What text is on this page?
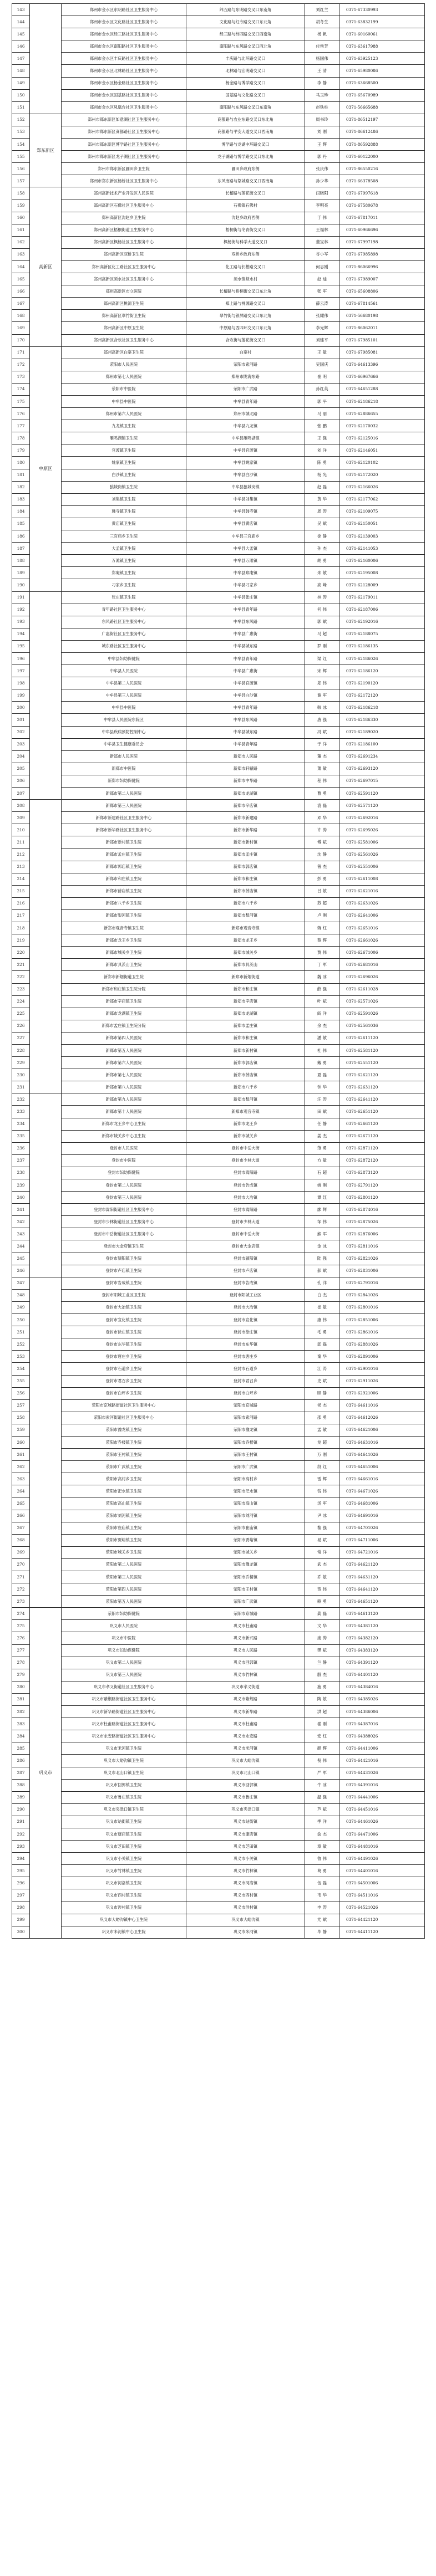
143		郑州市金水区东明路社区卫生服务中心	纬五路与东明路交叉口东南角	刘红兰	0371-67330993
144		郑州市金水区文化路社区卫生服务中心	文化路与红专路交叉口东北角	胡冬生	0371-63832199
145		郑州市金水区经三路社区卫生服务中心	经三路与纬四路交叉口西南角	杨 帆	0371-60160061
146		郑州市金水区南阳路社区卫生服务中心	南阳路与东风路交叉口西北角	付艳芳	0371-63617988
147		郑州市金水区丰庆路社区卫生服务中心	丰庆路与北环路交叉口	杨国伟	0371-63925123
148		郑州市金水区北林路社区卫生服务中心	北林路与宏明路交叉口	王 清	0371-65980086
149		郑州市金水区杨金路社区卫生服务中心	杨金路与博学路交叉口	李 静	0371-63668500
150		郑州市金水区国基路社区卫生服务中心	国基路与文化路交叉口	马玉珍	0371-65670989
151		郑州市金水区凤凰台社区卫生服务中心	南阳路与东风路交叉口东南角	赵铁柱	0371-56665688
152	郑东新区	郑州市郑东新区如意湖社区卫生服务中心	商都路与农业东路交叉口东北角	周书玲	0371-86512197
153		郑州市郑东新区商都路社区卫生服务中心	商都路与平安大道交叉口西南角	刘 刚	0371-86612486
154		郑州市郑东新区博学路社区卫生服务中心	博学路与龙湖中环路交叉口	王 辉	0371-86592888
155		郑州市郑东新区龙子湖社区卫生服务中心	龙子湖路与博学路交叉口东北角	郭 丹	0371-60122000
156		郑州市郑东新区圃田乡卫生院	圃田乡政府东侧	张庆伟	0371-86550216
157		郑州市郑东新区杨桥社区卫生服务中心	东风南路与祭城路交叉口西南角	孙少华	0371-66378508
158	高新区	郑州高新技术产业开发区人民医院	长椿路与莲花街交叉口	闫晓阳	0371-67997618
159		郑州高新区石佛社区卫生服务中心	石佛镇石佛村	李明亮	0371-67580678
160		郑州高新区沟赵乡卫生院	沟赵乡政府西侧	于 伟	0371-67817011
161		郑州高新区梧桐街道卫生服务中心	梧桐街与冬青街交叉口	王福林	0371-60966696
162		郑州高新区枫杨社区卫生服务中心	枫杨街与科学大道交叉口	董宝林	0371-67997198
163		郑州高新区双桥卫生院	双桥乡政府东侧	谷小军	0371-67985898
164		郑州高新区化工路社区卫生服务中心	化工路与长椿路交叉口	何志刚	0371-86066996
165		郑州高新区须水社区卫生服务中心	须水镇须水村	赵 迪	0371-67989007
166		郑州高新区市立医院	长椿路与梧桐街交叉口东北角	张 军	0371-65608806
167		郑州高新区桃源卫生院	郑上路与桃源路交叉口	薛云涛	0371-67814561
168		郑州高新区翠竹街卫生院	翠竹街与银屏路交叉口东北角	张耀伟	0371-56680198
169		郑州高新区中原卫生院	中原路与西四环交叉口东北角	李光辉	0371-86062011
170		郑州高新区合欢社区卫生服务中心	合欢街与莲花街交叉口	刘建平	0371-67985101
171	中原区	郑州高新区白寨卫生院	白寨村	王 敏	0371-67985081
172		荥阳市人民医院	荥阳市索河路	吴国庆	0371-64613396
173		郑州市第七人民医院	郑州市陇海东路	崔 明	0371-66967666
174		荥阳市中医院	荥阳市广武路	孙红英	0371-64651288
175		中牟县中医院	中牟县青年路	郭 平	0371-62186218
176		郑州市第六人民医院	郑州市城北路	马 丽	0371-62886655
177		九龙镇卫生院	中牟县九龙镇	张 鹏	0371-62170032
178		雁鸣湖镇卫生院	中牟县雁鸣湖镇	王 强	0371-62125016
179		官渡镇卫生院	中牟县官渡镇	刘 洋	0371-62146051
180		姚家镇卫生院	中牟县姚家镇	陈 勇	0371-62120102
181		白沙镇卫生院	中牟县白沙镇	杨 光	0371-62172020
182		狼城岗镇卫生院	中牟县狼城岗镇	赵 磊	0371-62166026
183		刘集镇卫生院	中牟县刘集镇	黄 华	0371-62177062
184		韩寺镇卫生院	中牟县韩寺镇	周 涛	0371-62109075
185		黄店镇卫生院	中牟县黄店镇	吴 斌	0371-62150051
186		三官庙乡卫生院	中牟县三官庙乡	徐 静	0371-62139003
187		大孟镇卫生院	中牟县大孟镇	孙 杰	0371-62141053
188		万滩镇卫生院	中牟县万滩镇	胡 勇	0371-62160006
189		郑庵镇卫生院	中牟县郑庵镇	朱 敏	0371-62195008
190		刁家乡卫生院	中牟县刁家乡	高 峰	0371-62128009
191		张庄镇卫生院	中牟县张庄镇	林 涛	0371-62179011
192		青年路社区卫生服务中心	中牟县青年路	何 伟	0371-62187006
193		东风路社区卫生服务中心	中牟县东风路	郭 斌	0371-62192016
194		广惠街社区卫生服务中心	中牟县广惠街	马 超	0371-62188075
195		城东路社区卫生服务中心	中牟县城东路	罗 刚	0371-62186135
196		中牟县妇幼保健院	中牟县青年路	梁 红	0371-62186026
197		中牟县人民医院	中牟县广惠街	宋 辉	0371-62186120
198		中牟县第二人民医院	中牟县官渡镇	郑 伟	0371-62190120
199		中牟县第三人民医院	中牟县白沙镇	谢 军	0371-62172120
200		中牟县中医院	中牟县青年路	韩 冰	0371-62186218
201		中牟县人民医院东院区	中牟县东风路	唐 强	0371-62186330
202		中牟县疾病预防控制中心	中牟县城东路	冯 斌	0371-62189020
203		中牟县卫生健康委员会	中牟县青年路	于 洋	0371-62186100
204		新郑市人民医院	新郑市人民路	董 杰	0371-62691234
205		新郑市中医院	新郑市轩辕路	萧 敏	0371-62693120
206		新郑市妇幼保健院	新郑市中华路	程 伟	0371-62697015
207		新郑市第二人民医院	新郑市龙湖镇	曹 勇	0371-62591120
208		新郑市第三人民医院	新郑市辛店镇	袁 磊	0371-62571120
209		新郑市新建路社区卫生服务中心	新郑市新建路	邓 华	0371-62692016
210		新郑市新华路社区卫生服务中心	新郑市新华路	许 涛	0371-62695026
211		新郑市新村镇卫生院	新郑市新村镇	傅 斌	0371-62581006
212		新郑市孟庄镇卫生院	新郑市孟庄镇	沈 静	0371-62561026
213		新郑市郭店镇卫生院	新郑市郭店镇	曾 杰	0371-62551006
214		新郑市和庄镇卫生院	新郑市和庄镇	彭 勇	0371-62611008
215		新郑市薛店镇卫生院	新郑市薛店镇	吕 敏	0371-62621016
216		新郑市八千乡卫生院	新郑市八千乡	苏 超	0371-62631026
217		新郑市梨河镇卫生院	新郑市梨河镇	卢 刚	0371-62641006
218		新郑市观音寺镇卫生院	新郑市观音寺镇	蒋 红	0371-62651016
219		新郑市龙王乡卫生院	新郑市龙王乡	蔡 辉	0371-62661026
220		新郑市城关乡卫生院	新郑市城关乡	贾 伟	0371-62671006
221		新郑市具茨山卫生院	新郑市具茨山	丁 军	0371-62681016
222		新郑市新烟街道卫生院	新郑市新烟街道	魏 冰	0371-62696026
223		新郑市和庄镇卫生院分院	新郑市和庄镇	薛 强	0371-62611028
224		新郑市辛店镇卫生院	新郑市辛店镇	叶 斌	0371-62571026
225		新郑市龙湖镇卫生院	新郑市龙湖镇	阎 洋	0371-62591026
226		新郑市孟庄镇卫生院分院	新郑市孟庄镇	余 杰	0371-62561036
227		新郑市第四人民医院	新郑市和庄镇	潘 敏	0371-62611120
228		新郑市第五人民医院	新郑市新村镇	杜 伟	0371-62581120
229		新郑市第六人民医院	新郑市郭店镇	戴 勇	0371-62551120
230		新郑市第七人民医院	新郑市薛店镇	夏 磊	0371-62621120
231		新郑市第八人民医院	新郑市八千乡	钟 华	0371-62631120
232		新郑市第九人民医院	新郑市梨河镇	汪 涛	0371-62641120
233		新郑市第十人民医院	新郑市观音寺镇	田 斌	0371-62651120
234		新郑市龙王乡中心卫生院	新郑市龙王乡	任 静	0371-62661120
235		新郑市城关乡中心卫生院	新郑市城关乡	姜 杰	0371-62671120
236		登封市人民医院	登封市中岳大街	范 勇	0371-62871120
237		登封市中医院	登封市少林大道	方 敏	0371-62872120
238		登封市妇幼保健院	登封市嵩阳路	石 超	0371-62873120
239		登封市第二人民医院	登封市告成镇	姚 刚	0371-62791120
240		登封市第三人民医院	登封市大冶镇	谭 红	0371-62801120
241		登封市嵩阳街道社区卫生服务中心	登封市嵩阳路	廖 辉	0371-62874016
242		登封市少林街道社区卫生服务中心	登封市少林大道	邹 伟	0371-62875026
243		登封市中岳街道社区卫生服务中心	登封市中岳大街	熊 军	0371-62876006
244		登封市大金店镇卫生院	登封市大金店镇	金 冰	0371-62811016
245		登封市颍阳镇卫生院	登封市颍阳镇	陆 强	0371-62821026
246		登封市卢店镇卫生院	登封市卢店镇	郝 斌	0371-62831006
247		登封市告成镇卫生院	登封市告成镇	孔 洋	0371-62791016
248		登封市阳城工业区卫生院	登封市阳城工业区	白 杰	0371-62841026
249		登封市大冶镇卫生院	登封市大冶镇	崔 敏	0371-62801016
250		登封市宣化镇卫生院	登封市宣化镇	康 伟	0371-62851006
251		登封市徐庄镇卫生院	登封市徐庄镇	毛 勇	0371-62861016
252		登封市东华镇卫生院	登封市东华镇	邱 磊	0371-62881026
253		登封市唐庄乡卫生院	登封市唐庄乡	秦 华	0371-62891006
254		登封市石道乡卫生院	登封市石道乡	江 涛	0371-62901016
255		登封市君召乡卫生院	登封市君召乡	史 斌	0371-62911026
256		登封市白坪乡卫生院	登封市白坪乡	顾 静	0371-62921006
257		荥阳市京城路街道社区卫生服务中心	荥阳市京城路	侯 杰	0371-64611016
258		荥阳市索河街道社区卫生服务中心	荥阳市索河路	邵 勇	0371-64612026
259		荥阳市豫龙镇卫生院	荥阳市豫龙镇	孟 敏	0371-64621006
260		荥阳市乔楼镇卫生院	荥阳市乔楼镇	龙 超	0371-64631016
261		荥阳市王村镇卫生院	荥阳市王村镇	万 刚	0371-64641026
262		荥阳市广武镇卫生院	荥阳市广武镇	段 红	0371-64651006
263		荥阳市高村乡卫生院	荥阳市高村乡	雷 辉	0371-64661016
264		荥阳市汜水镇卫生院	荥阳市汜水镇	钱 伟	0371-64671026
265		荥阳市高山镇卫生院	荥阳市高山镇	汤 军	0371-64681006
266		荥阳市刘河镇卫生院	荥阳市刘河镇	尹 冰	0371-64691016
267		荥阳市崔庙镇卫生院	荥阳市崔庙镇	黎 强	0371-64701026
268		荥阳市贾峪镇卫生院	荥阳市贾峪镇	易 斌	0371-64711006
269		荥阳市城关乡卫生院	荥阳市城关乡	常 洋	0371-64721016
270		荥阳市第二人民医院	荥阳市豫龙镇	武 杰	0371-64621120
271		荥阳市第三人民医院	荥阳市乔楼镇	乔 敏	0371-64631120
272		荥阳市第四人民医院	荥阳市王村镇	贺 伟	0371-64641120
273		荥阳市第五人民医院	荥阳市广武镇	赖 勇	0371-64651120
274	巩义市	荥阳市妇幼保健院	荥阳市京城路	龚 磊	0371-64613120
275		巩义市人民医院	巩义市杜甫路	文 华	0371-64381120
276		巩义市中医院	巩义市新兴路	庞 涛	0371-64382120
277		巩义市妇幼保健院	巩义市人民路	樊 斌	0371-64383120
278		巩义市第二人民医院	巩义市回郭镇	兰 静	0371-64391120
279		巩义市第三人民医院	巩义市竹林镇	殷 杰	0371-64401120
280		巩义市孝义街道社区卫生服务中心	巩义市孝义街道	施 勇	0371-64384016
281		巩义市紫荆路街道社区卫生服务中心	巩义市紫荆路	陶 敏	0371-64385026
282		巩义市新华路街道社区卫生服务中心	巩义市新华路	洪 超	0371-64386006
283		巩义市杜甫路街道社区卫生服务中心	巩义市杜甫路	翟 刚	0371-64387016
284		巩义市永安路街道社区卫生服务中心	巩义市永安路	安 红	0371-64388026
285		巩义市米河镇卫生院	巩义市米河镇	颜 辉	0371-64411006
286		巩义市大峪沟镇卫生院	巩义市大峪沟镇	倪 伟	0371-64421016
287		巩义市北山口镇卫生院	巩义市北山口镇	严 军	0371-64431026
288		巩义市回郭镇卫生院	巩义市回郭镇	牛 冰	0371-64391016
289		巩义市鲁庄镇卫生院	巩义市鲁庄镇	温 强	0371-64441006
290		巩义市夹津口镇卫生院	巩义市夹津口镇	芦 斌	0371-64451016
291		巩义市站街镇卫生院	巩义市站街镇	季 洋	0371-64461026
292		巩义市康店镇卫生院	巩义市康店镇	俞 杰	0371-64471006
293		巩义市芝田镇卫生院	巩义市芝田镇	章 敏	0371-64481016
294		巩义市小关镇卫生院	巩义市小关镇	鲁 伟	0371-64491026
295		巩义市竹林镇卫生院	巩义市竹林镇	葛 勇	0371-64401016
296		巩义市河洛镇卫生院	巩义市河洛镇	伍 磊	0371-64501006
297		巩义市西村镇卫生院	巩义市西村镇	韦 华	0371-64511016
298		巩义市涉村镇卫生院	巩义市涉村镇	申 涛	0371-64521026
299		巩义市大峪沟镇中心卫生院	巩义市大峪沟镇	尤 斌	0371-64421120
300		巩义市米河镇中心卫生院	巩义市米河镇	毕 静	0371-64411120
